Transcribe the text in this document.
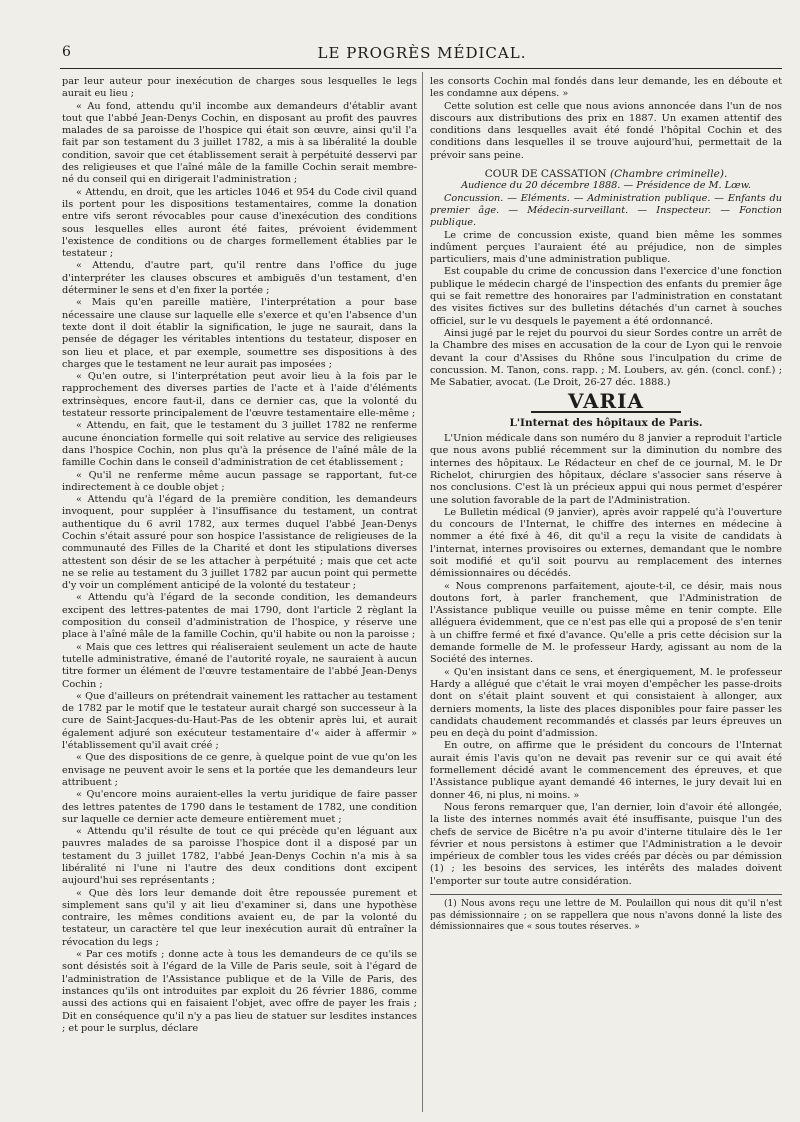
6	LE PROGRÈS MÉDICAL.

par leur auteur pour inexécution de charges sous lesquelles le legs aurait eu lieu ;

« Au fond, attendu qu'il incombe aux demandeurs d'établir avant tout que l'abbé Jean-Denys Cochin, en disposant au profit des pauvres malades de sa paroisse de l'hospice qui était son œuvre, ainsi qu'il l'a fait par son testament du 3 juillet 1782, a mis à sa libéralité la double condition, savoir que cet établissement serait à perpétuité desservi par des religieuses et que l'aîné mâle de la famille Cochin serait membre-né du conseil qui en dirigerait l'administration ;

« Attendu, en droit, que les articles 1046 et 954 du Code civil quand ils portent pour les dispositions testamentaires, comme la donation entre vifs seront révocables pour cause d'inexécution des conditions sous lesquelles elles auront été faites, prévoient évidemment l'existence de conditions ou de charges formellement établies par le testateur ;

« Attendu, d'autre part, qu'il rentre dans l'office du juge d'interpréter les clauses obscures et ambiguës d'un testament, d'en déterminer le sens et d'en fixer la portée ;

« Mais qu'en pareille matière, l'interprétation a pour base nécessaire une clause sur laquelle elle s'exerce et qu'en l'absence d'un texte dont il doit établir la signification, le juge ne saurait, dans la pensée de dégager les véritables intentions du testateur, disposer en son lieu et place, et par exemple, soumettre ses dispositions à des charges que le testament ne leur aurait pas imposées ;

« Qu'en outre, si l'interprétation peut avoir lieu à la fois par le rapprochement des diverses parties de l'acte et à l'aide d'éléments extrinsèques, encore faut-il, dans ce dernier cas, que la volonté du testateur ressorte principalement de l'œuvre testamentaire elle-même ;

« Attendu, en fait, que le testament du 3 juillet 1782 ne renferme aucune énonciation formelle qui soit relative au service des religieuses dans l'hospice Cochin, non plus qu'à la présence de l'aîné mâle de la famille Cochin dans le conseil d'administration de cet établissement ;

« Qu'il ne renferme même aucun passage se rapportant, fut-ce indirectement à ce double objet ;

« Attendu qu'à l'égard de la première condition, les demandeurs invoquent, pour suppléer à l'insuffisance du testament, un contrat authentique du 6 avril 1782, aux termes duquel l'abbé Jean-Denys Cochin s'était assuré pour son hospice l'assistance de religieuses de la communauté des Filles de la Charité et dont les stipulations diverses attestent son désir de se les attacher à perpétuité ; mais que cet acte ne se relie au testament du 3 juillet 1782 par aucun point qui permette d'y voir un complément anticipé de la volonté du testateur ;

« Attendu qu'à l'égard de la seconde condition, les demandeurs excipent des lettres-patentes de mai 1790, dont l'article 2 règlant la composition du conseil d'administration de l'hospice, y réserve une place à l'aîné mâle de la famille Cochin, qu'il habite ou non la paroisse ;

« Mais que ces lettres qui réaliseraient seulement un acte de haute tutelle administrative, émané de l'autorité royale, ne sauraient à aucun titre former un élément de l'œuvre testamentaire de l'abbé Jean-Denys Cochin ;

« Que d'ailleurs on prétendrait vainement les rattacher au testament de 1782 par le motif que le testateur aurait chargé son successeur à la cure de Saint-Jacques-du-Haut-Pas de les obtenir après lui, et aurait également adjuré son exécuteur testamentaire d'« aider à affermir » l'établissement qu'il avait créé ;

« Que des dispositions de ce genre, à quelque point de vue qu'on les envisage ne peuvent avoir le sens et la portée que les demandeurs leur attribuent ;

« Qu'encore moins auraient-elles la vertu juridique de faire passer des lettres patentes de 1790 dans le testament de 1782, une condition sur laquelle ce dernier acte demeure entièrement muet ;

« Attendu qu'il résulte de tout ce qui précède qu'en léguant aux pauvres malades de sa paroisse l'hospice dont il a disposé par un testament du 3 juillet 1782, l'abbé Jean-Denys Cochin n'a mis à sa libéralité ni l'une ni l'autre des deux conditions dont excipent aujourd'hui ses représentants ;

« Que dès lors leur demande doit être repoussée purement et simplement sans qu'il y ait lieu d'examiner si, dans une hypothèse contraire, les mêmes conditions avaient eu, de par la volonté du testateur, un caractère tel que leur inexécution aurait dû entraîner la révocation du legs ;

« Par ces motifs ; donne acte à tous les demandeurs de ce qu'ils se sont désistés soit à l'égard de la Ville de Paris seule, soit à l'égard de l'administration de l'Assistance publique et de la Ville de Paris, des instances qu'ils ont introduites par exploit du 26 février 1886, comme aussi des actions qui en faisaient l'objet, avec offre de payer les frais ; Dit en conséquence qu'il n'y a pas lieu de statuer sur lesdites instances ; et pour le surplus, déclare

les consorts Cochin mal fondés dans leur demande, les en déboute et les condamne aux dépens. »

Cette solution est celle que nous avions annoncée dans l'un de nos discours aux distributions des prix en 1887. Un examen attentif des conditions dans lesquelles avait été fondé l'hôpital Cochin et des conditions dans lesquelles il se trouve aujourd'hui, permettait de la prévoir sans peine.

COUR DE CASSATION (Chambre criminelle).

Audience du 20 décembre 1888. — Présidence de M. Lœw.

Concussion. — Eléments. — Administration publique. — Enfants du premier âge. — Médecin-surveillant. — Inspecteur. — Fonction publique.

Le crime de concussion existe, quand bien même les sommes indûment perçues l'auraient été au préjudice, non de simples particuliers, mais d'une administration publique.

Est coupable du crime de concussion dans l'exercice d'une fonction publique le médecin chargé de l'inspection des enfants du premier âge qui se fait remettre des honoraires par l'administration en constatant des visites fictives sur des bulletins détachés d'un carnet à souches officiel, sur le vu desquels le payement a été ordonnancé.

Ainsi jugé par le rejet du pourvoi du sieur Sordes contre un arrêt de la Chambre des mises en accusation de la cour de Lyon qui le renvoie devant la cour d'Assises du Rhône sous l'inculpation du crime de concussion. M. Tanon, cons. rapp. ; M. Loubers, av. gén. (concl. conf.) ; Me Sabatier, avocat. (Le Droit, 26-27 déc. 1888.)

VARIA

L'Internat des hôpitaux de Paris.

L'Union médicale dans son numéro du 8 janvier a reproduit l'article que nous avons publié récemment sur la diminution du nombre des internes des hôpitaux. Le Rédacteur en chef de ce journal, M. le Dr Richelot, chirurgien des hôpitaux, déclare s'associer sans réserve à nos conclusions. C'est là un précieux appui qui nous permet d'espérer une solution favorable de la part de l'Administration.

Le Bulletin médical (9 janvier), après avoir rappelé qu'à l'ouverture du concours de l'Internat, le chiffre des internes en médecine à nommer a été fixé à 46, dit qu'il a reçu la visite de candidats à l'internat, internes provisoires ou externes, demandant que le nombre soit modifié et qu'il soit pourvu au remplacement des internes démissionnaires ou décédés.

« Nous comprenons parfaitement, ajoute-t-il, ce désir, mais nous doutons fort, à parler franchement, que l'Administration de l'Assistance publique veuille ou puisse même en tenir compte. Elle alléguera évidemment, que ce n'est pas elle qui a proposé de s'en tenir à un chiffre fermé et fixé d'avance. Qu'elle a pris cette décision sur la demande formelle de M. le professeur Hardy, agissant au nom de la Société des internes.

« Qu'en insistant dans ce sens, et énergiquement, M. le professeur Hardy a allégué que c'était le vrai moyen d'empêcher les passe-droits dont on s'était plaint souvent et qui consistaient à allonger, aux derniers moments, la liste des places disponibles pour faire passer les candidats chaudement recommandés et classés par leurs épreuves un peu en deçà du point d'admission.

En outre, on affirme que le président du concours de l'Internat aurait émis l'avis qu'on ne devait pas revenir sur ce qui avait été formellement décidé avant le commencement des épreuves, et que l'Assistance publique ayant demandé 46 internes, le jury devait lui en donner 46, ni plus, ni moins. »

Nous ferons remarquer que, l'an dernier, loin d'avoir été allongée, la liste des internes nommés avait été insuffisante, puisque l'un des chefs de service de Bicêtre n'a pu avoir d'interne titulaire dès le 1er février et nous persistons à estimer que l'Administration a le devoir impérieux de combler tous les vides créés par décès ou par démission (1) ; les besoins des services, les intérêts des malades doivent l'emporter sur toute autre considération.

(1) Nous avons reçu une lettre de M. Poulaillon qui nous dit qu'il n'est pas démissionnaire ; on se rappellera que nous n'avons donné la liste des démissionnaires que « sous toutes réserves. »
